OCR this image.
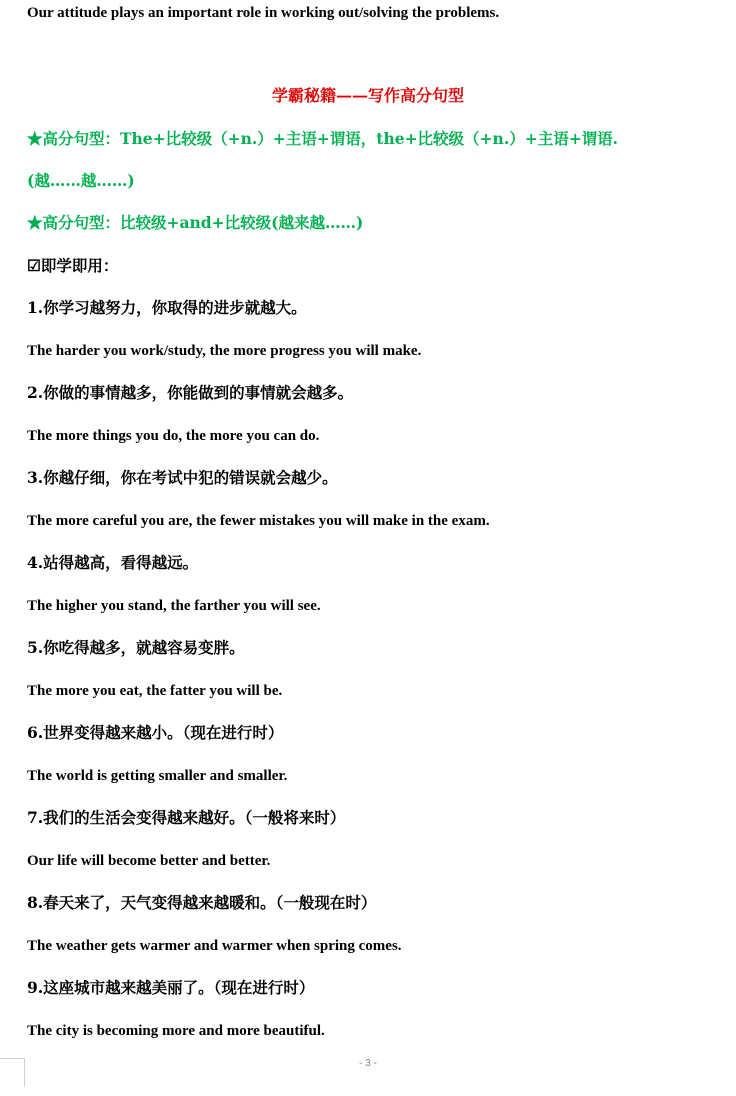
Our attitude plays an important role in working out/solving the problems.
学霸秘籍——写作高分句型
★高分句型：The+比较级（+n.）+主语+谓语，the+比较级（+n.）+主语+谓语.
(越……越……)
★高分句型：比较级+and+比较级(越来越……)
☑即学即用：
1.你学习越努力，你取得的进步就越大。
The harder you work/study, the more progress you will make.
2.你做的事情越多，你能做到的事情就会越多。
The more things you do, the more you can do.
3.你越仔细，你在考试中犯的错误就会越少。
The more careful you are, the fewer mistakes you will make in the exam.
4.站得越高，看得越远。
The higher you stand, the farther you will see.
5.你吃得越多，就越容易变胖。
The more you eat, the fatter you will be.
6.世界变得越来越小。（现在进行时）
The world is getting smaller and smaller.
7.我们的生活会变得越来越好。（一般将来时）
Our life will become better and better.
8.春天来了，天气变得越来越暖和。（一般现在时）
The weather gets warmer and warmer when spring comes.
9.这座城市越来越美丽了。（现在进行时）
The city is becoming more and more beautiful.
- 3 -
